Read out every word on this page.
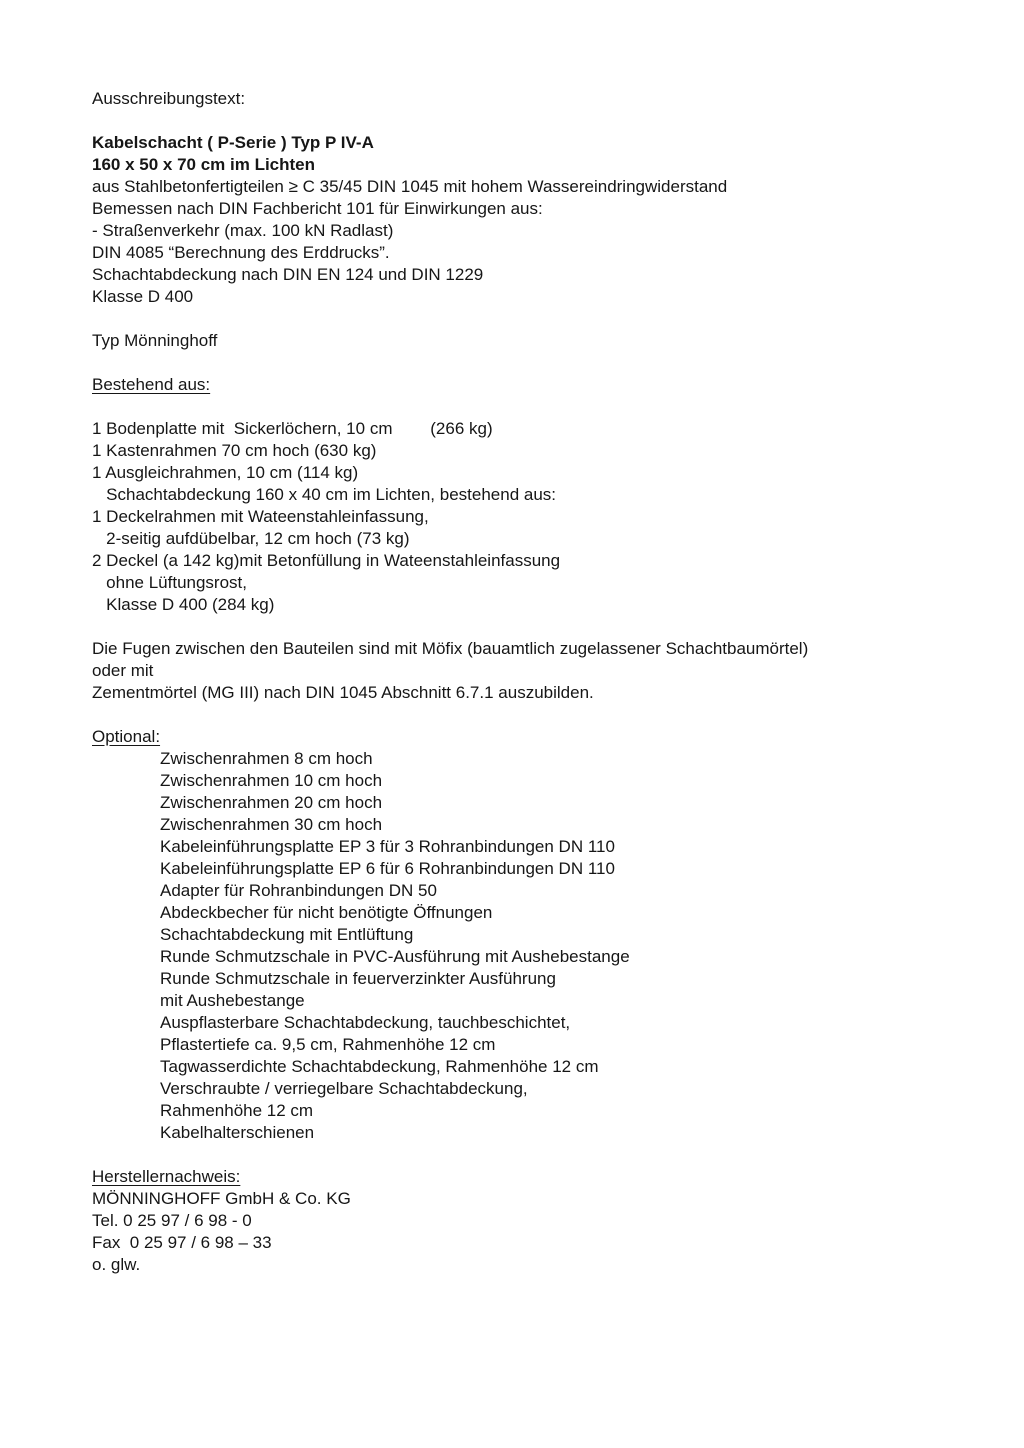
Ausschreibungstext:
Kabelschacht ( P-Serie ) Typ P IV-A
160 x 50 x 70 cm im Lichten
aus Stahlbetonfertigteilen ≥ C 35/45 DIN 1045 mit hohem Wassereindringwiderstand
Bemessen nach DIN Fachbericht 101 für Einwirkungen aus:
- Straßenverkehr (max. 100 kN Radlast)
DIN 4085 “Berechnung des Erddrucks”.
Schachtabdeckung nach DIN EN 124 und DIN 1229
Klasse D 400
Typ Mönninghoff
Bestehend aus:
1 Bodenplatte mit  Sickerlöchern, 10 cm        (266 kg)
1 Kastenrahmen 70 cm hoch (630 kg)
1 Ausgleichrahmen, 10 cm (114 kg)
Schachtabdeckung 160 x 40 cm im Lichten, bestehend aus:
1 Deckelrahmen mit Wateenstahleinfassung,
2-seitig aufdübelbar, 12 cm hoch (73 kg)
2 Deckel (a 142 kg)mit Betonfüllung in Wateenstahleinfassung
ohne Lüftungsrost,
Klasse D 400 (284 kg)
Die Fugen zwischen den Bauteilen sind mit Möfix (bauamtlich zugelassener Schachtbaumörtel)
oder mit
Zementmörtel (MG III) nach DIN 1045 Abschnitt 6.7.1 auszubilden.
Optional:
Zwischenrahmen 8 cm hoch
Zwischenrahmen 10 cm hoch
Zwischenrahmen 20 cm hoch
Zwischenrahmen 30 cm hoch
Kabeleinführungsplatte EP 3 für 3 Rohranbindungen DN 110
Kabeleinführungsplatte EP 6 für 6 Rohranbindungen DN 110
Adapter für Rohranbindungen DN 50
Abdeckbecher für nicht benötigte Öffnungen
Schachtabdeckung mit Entlüftung
Runde Schmutzschale in PVC-Ausführung mit Aushebestange
Runde Schmutzschale in feuerverzinkter Ausführung
mit Aushebestange
Auspflasterbare Schachtabdeckung, tauchbeschichtet,
Pflastertiefe ca. 9,5 cm, Rahmenhöhe 12 cm
Tagwasserdichte Schachtabdeckung, Rahmenhöhe 12 cm
Verschraubte / verriegelbare Schachtabdeckung,
Rahmenhöhe 12 cm
Kabelhalterschienen
Herstellernachweis:
MÖNNINGHOFF GmbH & Co. KG
Tel. 0 25 97 / 6 98 - 0
Fax  0 25 97 / 6 98 – 33
o. glw.
